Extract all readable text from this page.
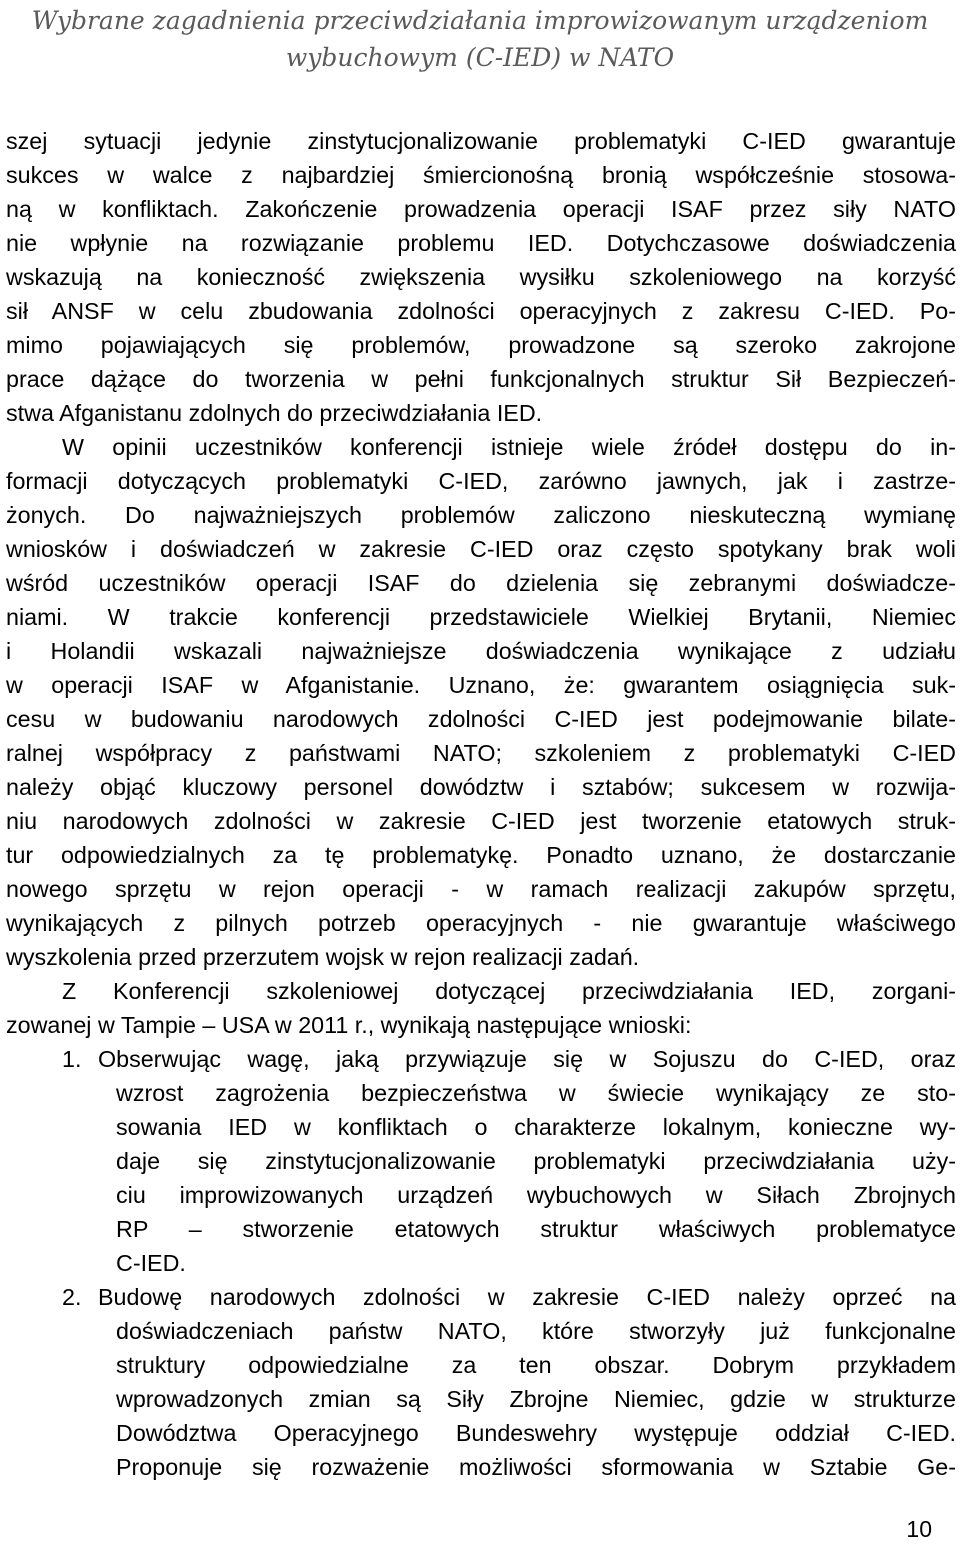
Wybrane zagadnienia przeciwdziałania improwizowanym urządzeniom
wybuchowym (C-IED) w NATO
szej sytuacji jedynie zinstytucjonalizowanie problematyki C-IED gwarantuje
sukces w walce z najbardziej śmiercionośną bronią współcześnie stosowa-
ną w konfliktach. Zakończenie prowadzenia operacji ISAF przez siły NATO
nie wpłynie na rozwiązanie problemu IED. Dotychczasowe doświadczenia
wskazują na konieczność zwiększenia wysiłku szkoleniowego na korzyść
sił ANSF w celu zbudowania zdolności operacyjnych z zakresu C-IED. Po-
mimo pojawiających się problemów, prowadzone są szeroko zakrojone
prace dążące do tworzenia w pełni funkcjonalnych struktur Sił Bezpieczeń-
stwa Afganistanu zdolnych do przeciwdziałania IED.
W opinii uczestników konferencji istnieje wiele źródeł dostępu do in-
formacji dotyczących problematyki C-IED, zarówno jawnych, jak i zastrze-
żonych. Do najważniejszych problemów zaliczono nieskuteczną wymianę
wniosków i doświadczeń w zakresie C-IED oraz często spotykany brak woli
wśród uczestników operacji ISAF do dzielenia się zebranymi doświadcze-
niami. W trakcie konferencji przedstawiciele Wielkiej Brytanii, Niemiec
i Holandii wskazali najważniejsze doświadczenia wynikające z udziału
w operacji ISAF w Afganistanie. Uznano, że: gwarantem osiągnięcia suk-
cesu w budowaniu narodowych zdolności C-IED jest podejmowanie bilate-
ralnej współpracy z państwami NATO; szkoleniem z problematyki C-IED
należy objąć kluczowy personel dowództw i sztabów; sukcesem w rozwija-
niu narodowych zdolności w zakresie C-IED jest tworzenie etatowych struk-
tur odpowiedzialnych za tę problematykę. Ponadto uznano, że dostarczanie
nowego sprzętu w rejon operacji - w ramach realizacji zakupów sprzętu,
wynikających z pilnych potrzeb operacyjnych - nie gwarantuje właściwego
wyszkolenia przed przerzutem wojsk w rejon realizacji zadań.
Z Konferencji szkoleniowej dotyczącej przeciwdziałania IED, zorgani-
zowanej w Tampie – USA w 2011 r., wynikają następujące wnioski:
1. Obserwując wagę, jaką przywiązuje się w Sojuszu do C-IED, oraz
wzrost zagrożenia bezpieczeństwa w świecie wynikający ze sto-
sowania IED w konfliktach o charakterze lokalnym, konieczne wy-
daje się zinstytucjonalizowanie problematyki przeciwdziałania uży-
ciu improwizowanych urządzeń wybuchowych w Siłach Zbrojnych
RP – stworzenie etatowych struktur właściwych problematyce
C-IED.
2. Budowę narodowych zdolności w zakresie C-IED należy oprzeć na
doświadczeniach państw NATO, które stworzyły już funkcjonalne
struktury odpowiedzialne za ten obszar. Dobrym przykładem
wprowadzonych zmian są Siły Zbrojne Niemiec, gdzie w strukturze
Dowództwa Operacyjnego Bundeswehry występuje oddział C-IED.
Proponuje się rozważenie możliwości sformowania w Sztabie Ge-
10
